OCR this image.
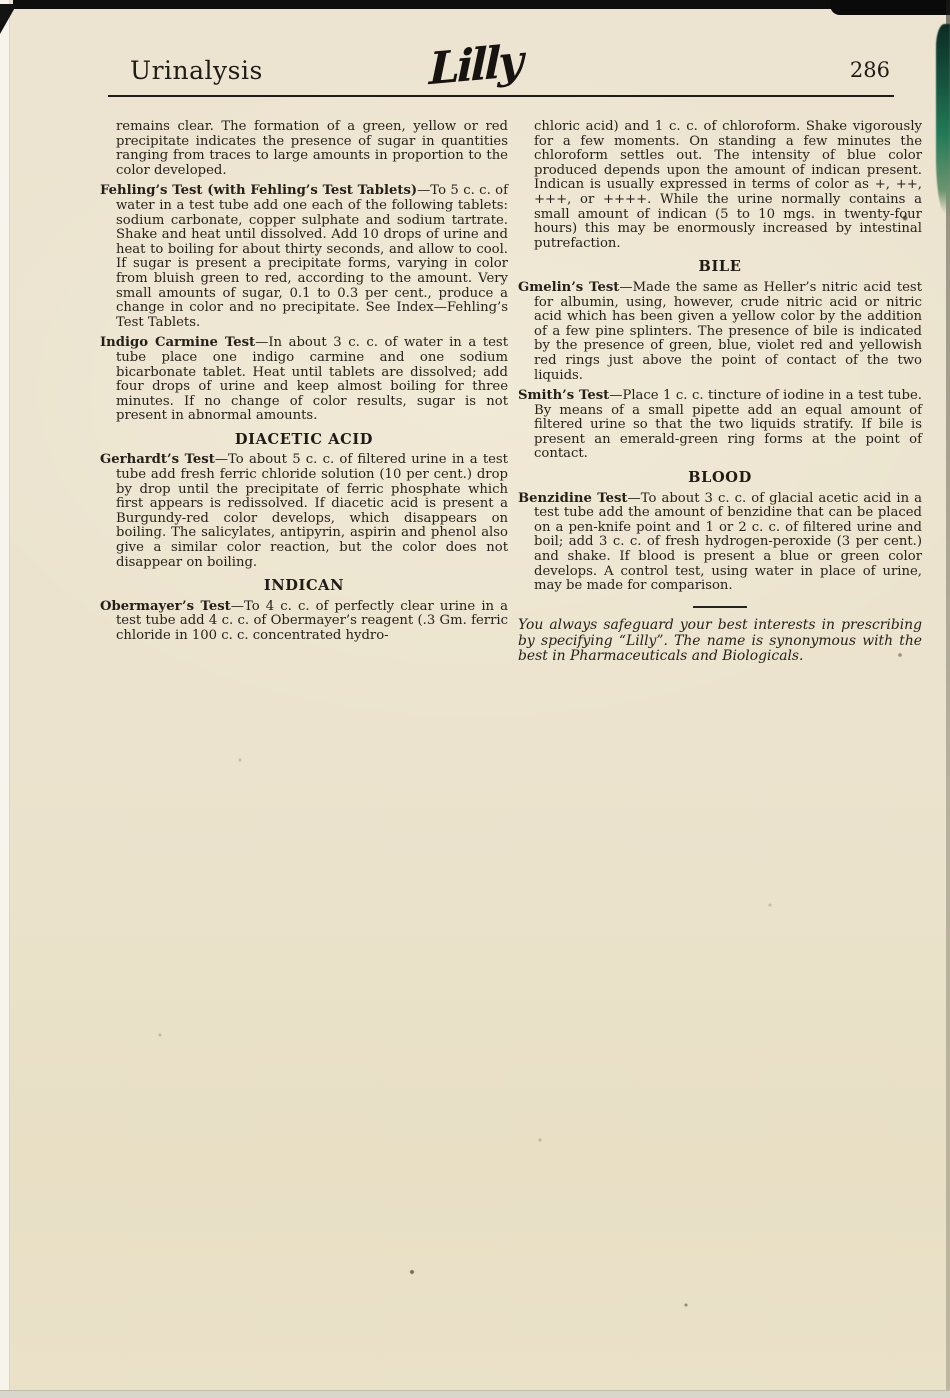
Urinalysis	Lilly	286

remains clear. The formation of a green, yellow or red precipitate indicates the presence of sugar in quantities ranging from traces to large amounts in proportion to the color developed.

Fehling’s Test (with Fehling’s Test Tablets)—To 5 c. c. of water in a test tube add one each of the following tablets: sodium carbonate, copper sulphate and sodium tartrate. Shake and heat until dissolved. Add 10 drops of urine and heat to boiling for about thirty seconds, and allow to cool. If sugar is present a precipitate forms, varying in color from bluish green to red, according to the amount. Very small amounts of sugar, 0.1 to 0.3 per cent., produce a change in color and no precipitate. See Index—Fehling’s Test Tablets.

Indigo Carmine Test—In about 3 c. c. of water in a test tube place one indigo carmine and one sodium bicarbonate tablet. Heat until tablets are dissolved; add four drops of urine and keep almost boiling for three minutes. If no change of color results, sugar is not present in abnormal amounts.

DIACETIC ACID

Gerhardt’s Test—To about 5 c. c. of filtered urine in a test tube add fresh ferric chloride solution (10 per cent.) drop by drop until the precipitate of ferric phosphate which first appears is redissolved. If diacetic acid is present a Burgundy-red color develops, which disappears on boiling. The salicylates, antipyrin, aspirin and phenol also give a similar color reaction, but the color does not disappear on boiling.

INDICAN

Obermayer’s Test—To 4 c. c. of perfectly clear urine in a test tube add 4 c. c. of Obermayer’s reagent (.3 Gm. ferric chloride in 100 c. c. concentrated hydro-

chloric acid) and 1 c. c. of chloroform. Shake vigorously for a few moments. On standing a few minutes the chloroform settles out. The intensity of blue color produced depends upon the amount of indican present. Indican is usually expressed in terms of color as +, ++, +++, or ++++. While the urine normally contains a small amount of indican (5 to 10 mgs. in twenty-four hours) this may be enormously increased by intestinal putrefaction.

BILE

Gmelin’s Test—Made the same as Heller’s nitric acid test for albumin, using, however, crude nitric acid or nitric acid which has been given a yellow color by the addition of a few pine splinters. The presence of bile is indicated by the presence of green, blue, violet red and yellowish red rings just above the point of contact of the two liquids.

Smith’s Test—Place 1 c. c. tincture of iodine in a test tube. By means of a small pipette add an equal amount of filtered urine so that the two liquids stratify. If bile is present an emerald-green ring forms at the point of contact.

BLOOD

Benzidine Test—To about 3 c. c. of glacial acetic acid in a test tube add the amount of benzidine that can be placed on a pen-knife point and 1 or 2 c. c. of filtered urine and boil; add 3 c. c. of fresh hydrogen-peroxide (3 per cent.) and shake. If blood is present a blue or green color develops. A control test, using water in place of urine, may be made for comparison.

You always safeguard your best interests in prescribing by specifying “Lilly”. The name is synonymous with the best in Pharmaceuticals and Biologicals.
